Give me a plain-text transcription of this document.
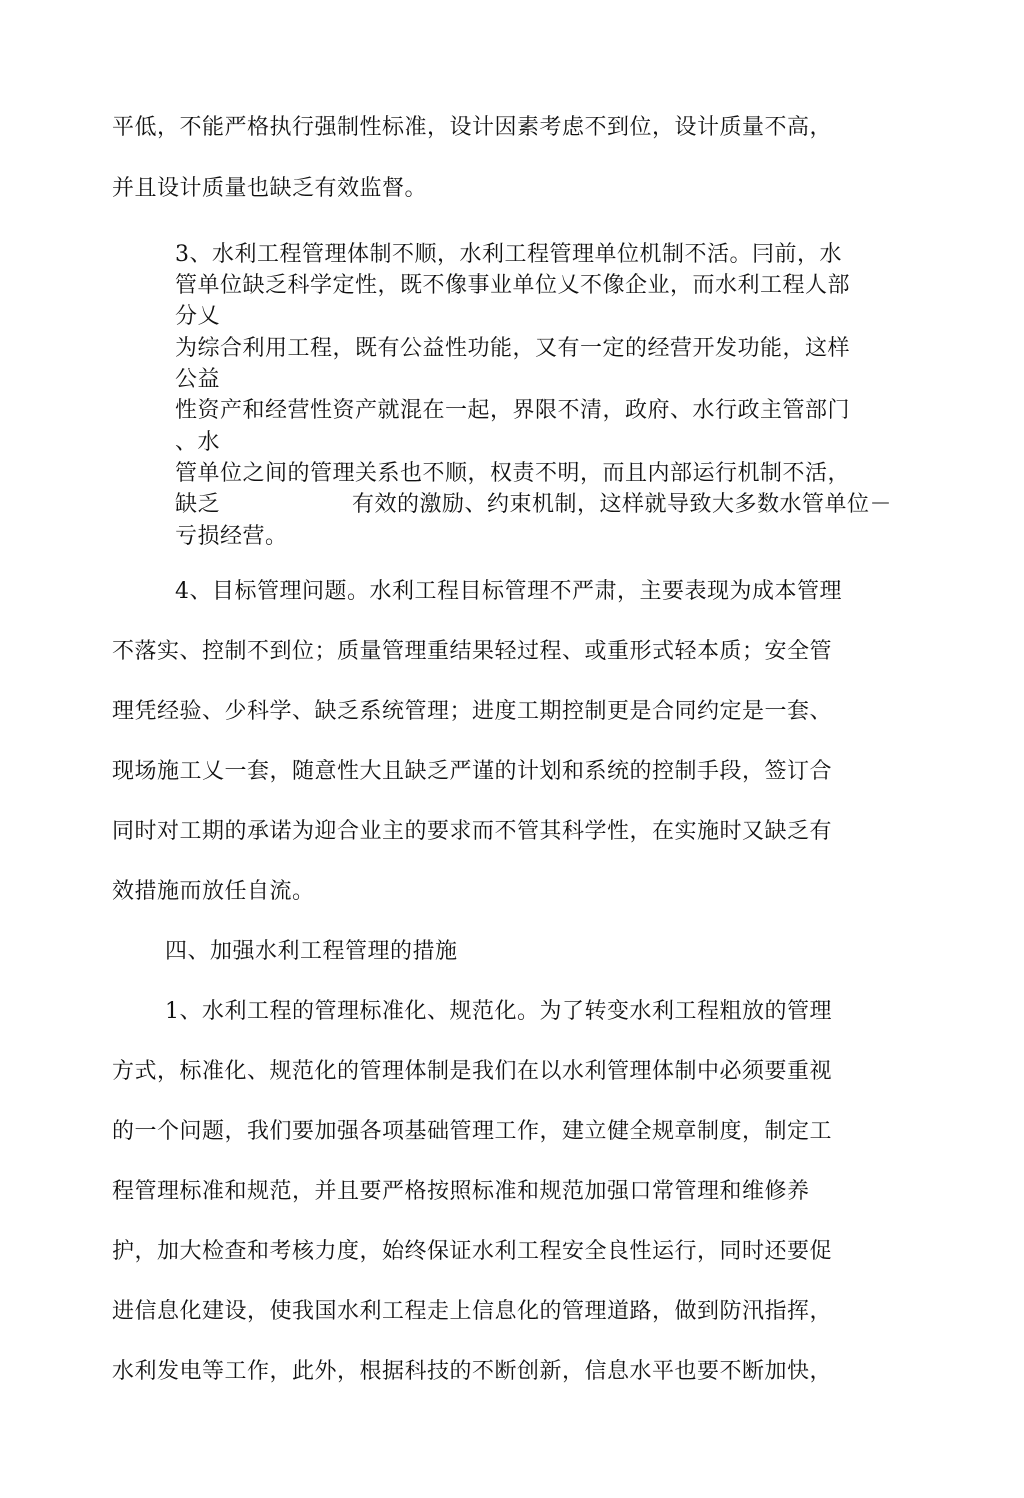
平低，不能严格执行强制性标准，设计因素考虑不到位，设计质量不高，
并且设计质量也缺乏有效监督。
3、水利工程管理体制不顺，水利工程管理单位机制不活。冃前，水
管单位缺乏科学定性，既不像事业单位乂不像企业，而水利工程人部
分乂
为综合利用工程，既有公益性功能，又有一定的经营开发功能，这样
公益
性资产和经营性资产就混在一起，界限不清，政府、水行政主管部门
、水
管单位之间的管理关系也不顺，权责不明，而且内部运行机制不活，
缺乏	有效的激励、约束机制，这样就导致大多数水管单位－
亏损经营。
4、目标管理问题。水利工程目标管理不严肃，主要表现为成本管理
不落实、控制不到位；质量管理重结果轻过程、或重形式轻本质；安全管
理凭经验、少科学、缺乏系统管理；进度工期控制更是合同约定是一套、
现场施工乂一套，随意性大且缺乏严谨的计划和系统的控制手段，签订合
同时对工期的承诺为迎合业主的要求而不管其科学性，在实施时又缺乏有
效措施而放任自流。
四、加强水利工程管理的措施
1、水利工程的管理标准化、规范化。为了转变水利工程粗放的管理
方式，标准化、规范化的管理体制是我们在以水利管理体制中必须要重视
的一个问题，我们要加强各项基础管理工作，建立健全规章制度，制定工
程管理标准和规范，并且要严格按照标准和规范加强口常管理和维修养
护，加大检查和考核力度，始终保证水利工程安全良性运行，同时还要促
进信息化建设，使我国水利工程走上信息化的管理道路，做到防汛指挥，
水利发电等工作，此外，根据科技的不断创新，信息水平也要不断加快，
